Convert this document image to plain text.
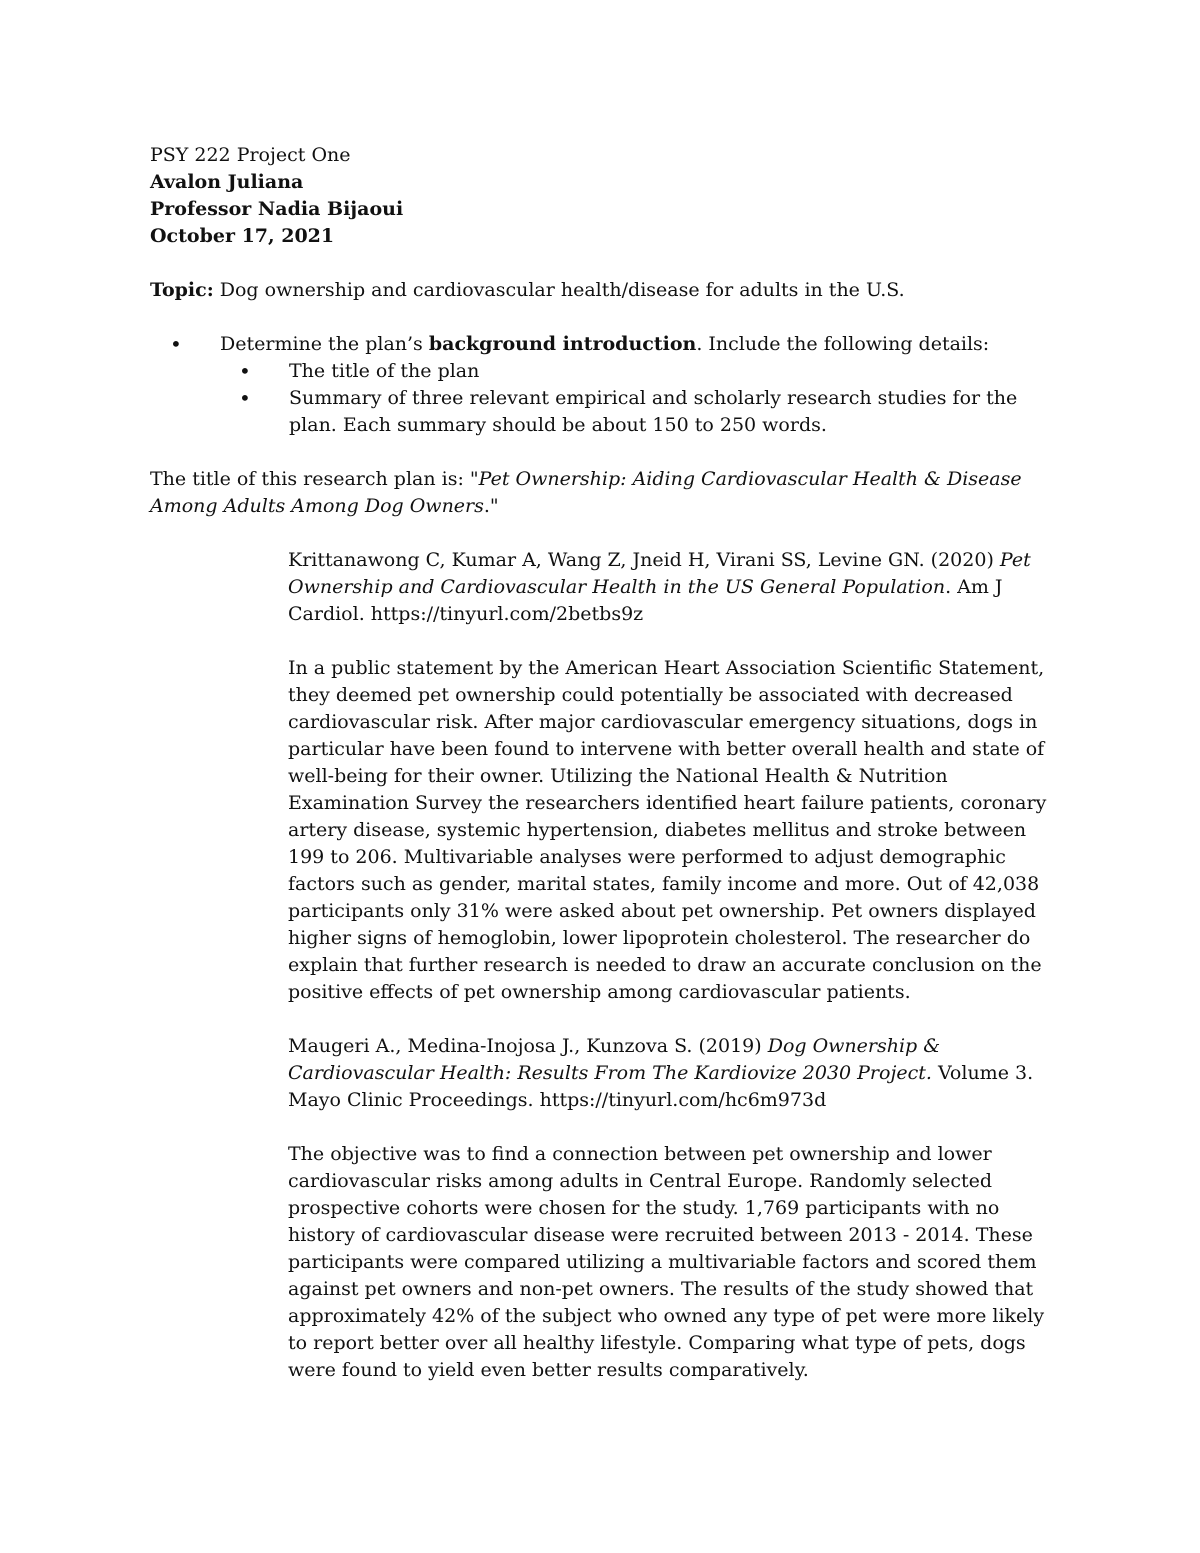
PSY 222 Project One
Avalon Juliana
Professor Nadia Bijaoui
October 17, 2021

Topic: Dog ownership and cardiovascular health/disease for adults in the U.S.

• Determine the plan’s background introduction. Include the following details:
• The title of the plan
• Summary of three relevant empirical and scholarly research studies for the plan. Each summary should be about 150 to 250 words.

The title of this research plan is: "Pet Ownership: Aiding Cardiovascular Health & Disease Among Adults Among Dog Owners."

Krittanawong C, Kumar A, Wang Z, Jneid H, Virani SS, Levine GN. (2020) Pet Ownership and Cardiovascular Health in the US General Population. Am J Cardiol. https://tinyurl.com/2betbs9z

In a public statement by the American Heart Association Scientific Statement, they deemed pet ownership could potentially be associated with decreased cardiovascular risk. After major cardiovascular emergency situations, dogs in particular have been found to intervene with better overall health and state of well-being for their owner. Utilizing the National Health & Nutrition Examination Survey the researchers identified heart failure patients, coronary artery disease, systemic hypertension, diabetes mellitus and stroke between 199 to 206. Multivariable analyses were performed to adjust demographic factors such as gender, marital states, family income and more. Out of 42,038 participants only 31% were asked about pet ownership. Pet owners displayed higher signs of hemoglobin, lower lipoprotein cholesterol. The researcher do explain that further research is needed to draw an accurate conclusion on the positive effects of pet ownership among cardiovascular patients.

Maugeri A., Medina-Inojosa J., Kunzova S. (2019) Dog Ownership & Cardiovascular Health: Results From The Kardiovize 2030 Project. Volume 3. Mayo Clinic Proceedings. https://tinyurl.com/hc6m973d

The objective was to find a connection between pet ownership and lower cardiovascular risks among adults in Central Europe. Randomly selected prospective cohorts were chosen for the study. 1,769 participants with no history of cardiovascular disease were recruited between 2013 - 2014. These participants were compared utilizing a multivariable factors and scored them against pet owners and non-pet owners. The results of the study showed that approximately 42% of the subject who owned any type of pet were more likely to report better over all healthy lifestyle. Comparing what type of pets, dogs were found to yield even better results comparatively.
